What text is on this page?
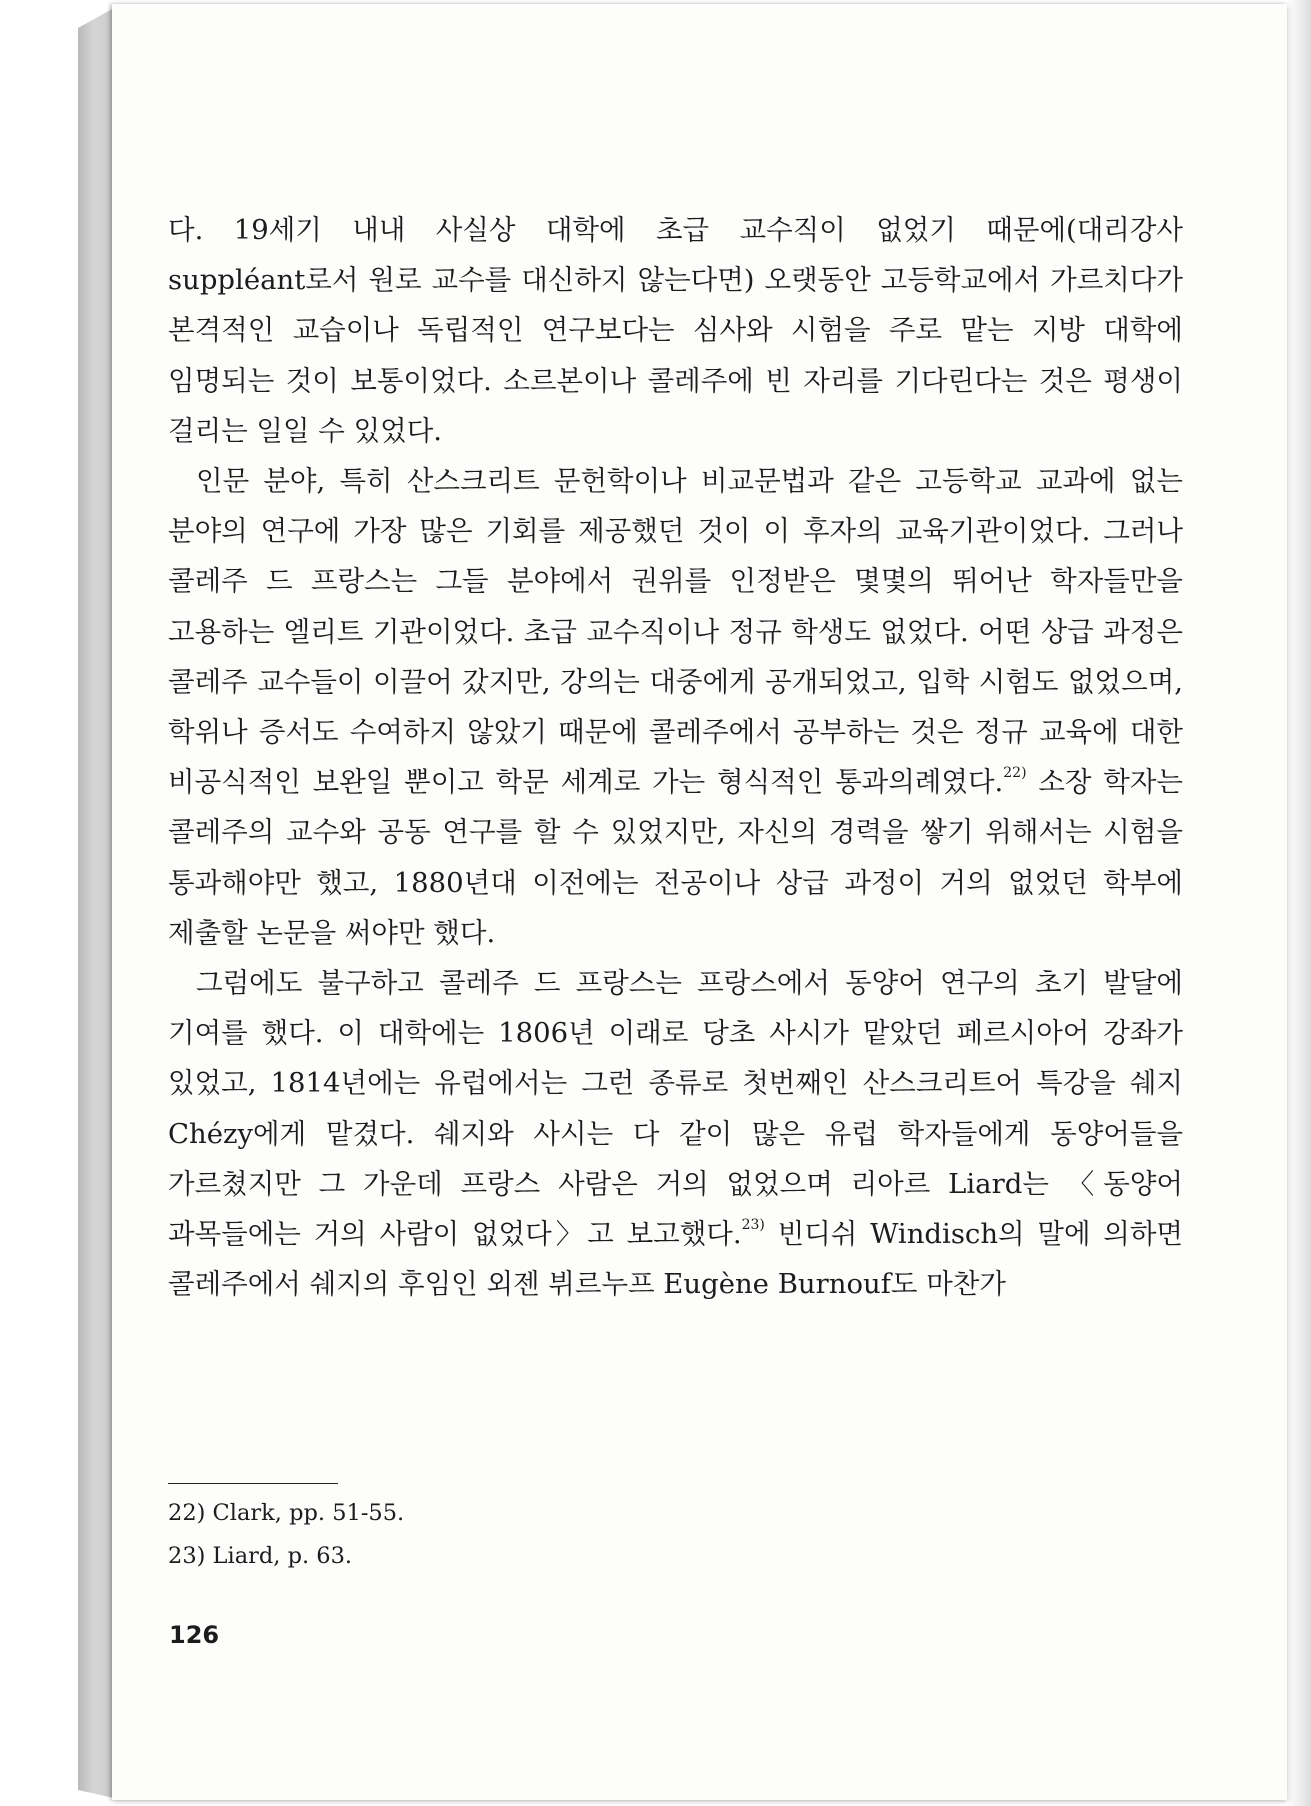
다. 19세기 내내 사실상 대학에 초급 교수직이 없었기 때문에(대리강사 suppléant로서 원로 교수를 대신하지 않는다면) 오랫동안 고등학교에서 가르치다가 본격적인 교습이나 독립적인 연구보다는 심사와 시험을 주로 맡는 지방 대학에 임명되는 것이 보통이었다. 소르본이나 콜레주에 빈 자리를 기다린다는 것은 평생이 걸리는 일일 수 있었다.

인문 분야, 특히 산스크리트 문헌학이나 비교문법과 같은 고등학교 교과에 없는 분야의 연구에 가장 많은 기회를 제공했던 것이 이 후자의 교육기관이었다. 그러나 콜레주 드 프랑스는 그들 분야에서 권위를 인정받은 몇몇의 뛰어난 학자들만을 고용하는 엘리트 기관이었다. 초급 교수직이나 정규 학생도 없었다. 어떤 상급 과정은 콜레주 교수들이 이끌어 갔지만, 강의는 대중에게 공개되었고, 입학 시험도 없었으며, 학위나 증서도 수여하지 않았기 때문에 콜레주에서 공부하는 것은 정규 교육에 대한 비공식적인 보완일 뿐이고 학문 세계로 가는 형식적인 통과의례였다.$^{22)}$ 소장 학자는 콜레주의 교수와 공동 연구를 할 수 있었지만, 자신의 경력을 쌓기 위해서는 시험을 통과해야만 했고, 1880년대 이전에는 전공이나 상급 과정이 거의 없었던 학부에 제출할 논문을 써야만 했다.

그럼에도 불구하고 콜레주 드 프랑스는 프랑스에서 동양어 연구의 초기 발달에 기여를 했다. 이 대학에는 1806년 이래로 당초 사시가 맡았던 페르시아어 강좌가 있었고, 1814년에는 유럽에서는 그런 종류로 첫번째인 산스크리트어 특강을 쉐지 Chézy에게 맡겼다. 쉐지와 사시는 다 같이 많은 유럽 학자들에게 동양어들을 가르쳤지만 그 가운데 프랑스 사람은 거의 없었으며 리아르 Liard는 〈동양어 과목들에는 거의 사람이 없었다〉고 보고했다.$^{23)}$ 빈디쉬 Windisch의 말에 의하면 콜레주에서 쉐지의 후임인 외젠 뷔르누프 Eugène Burnouf도 마찬가

22) Clark, pp. 51-55.
23) Liard, p. 63.
126
